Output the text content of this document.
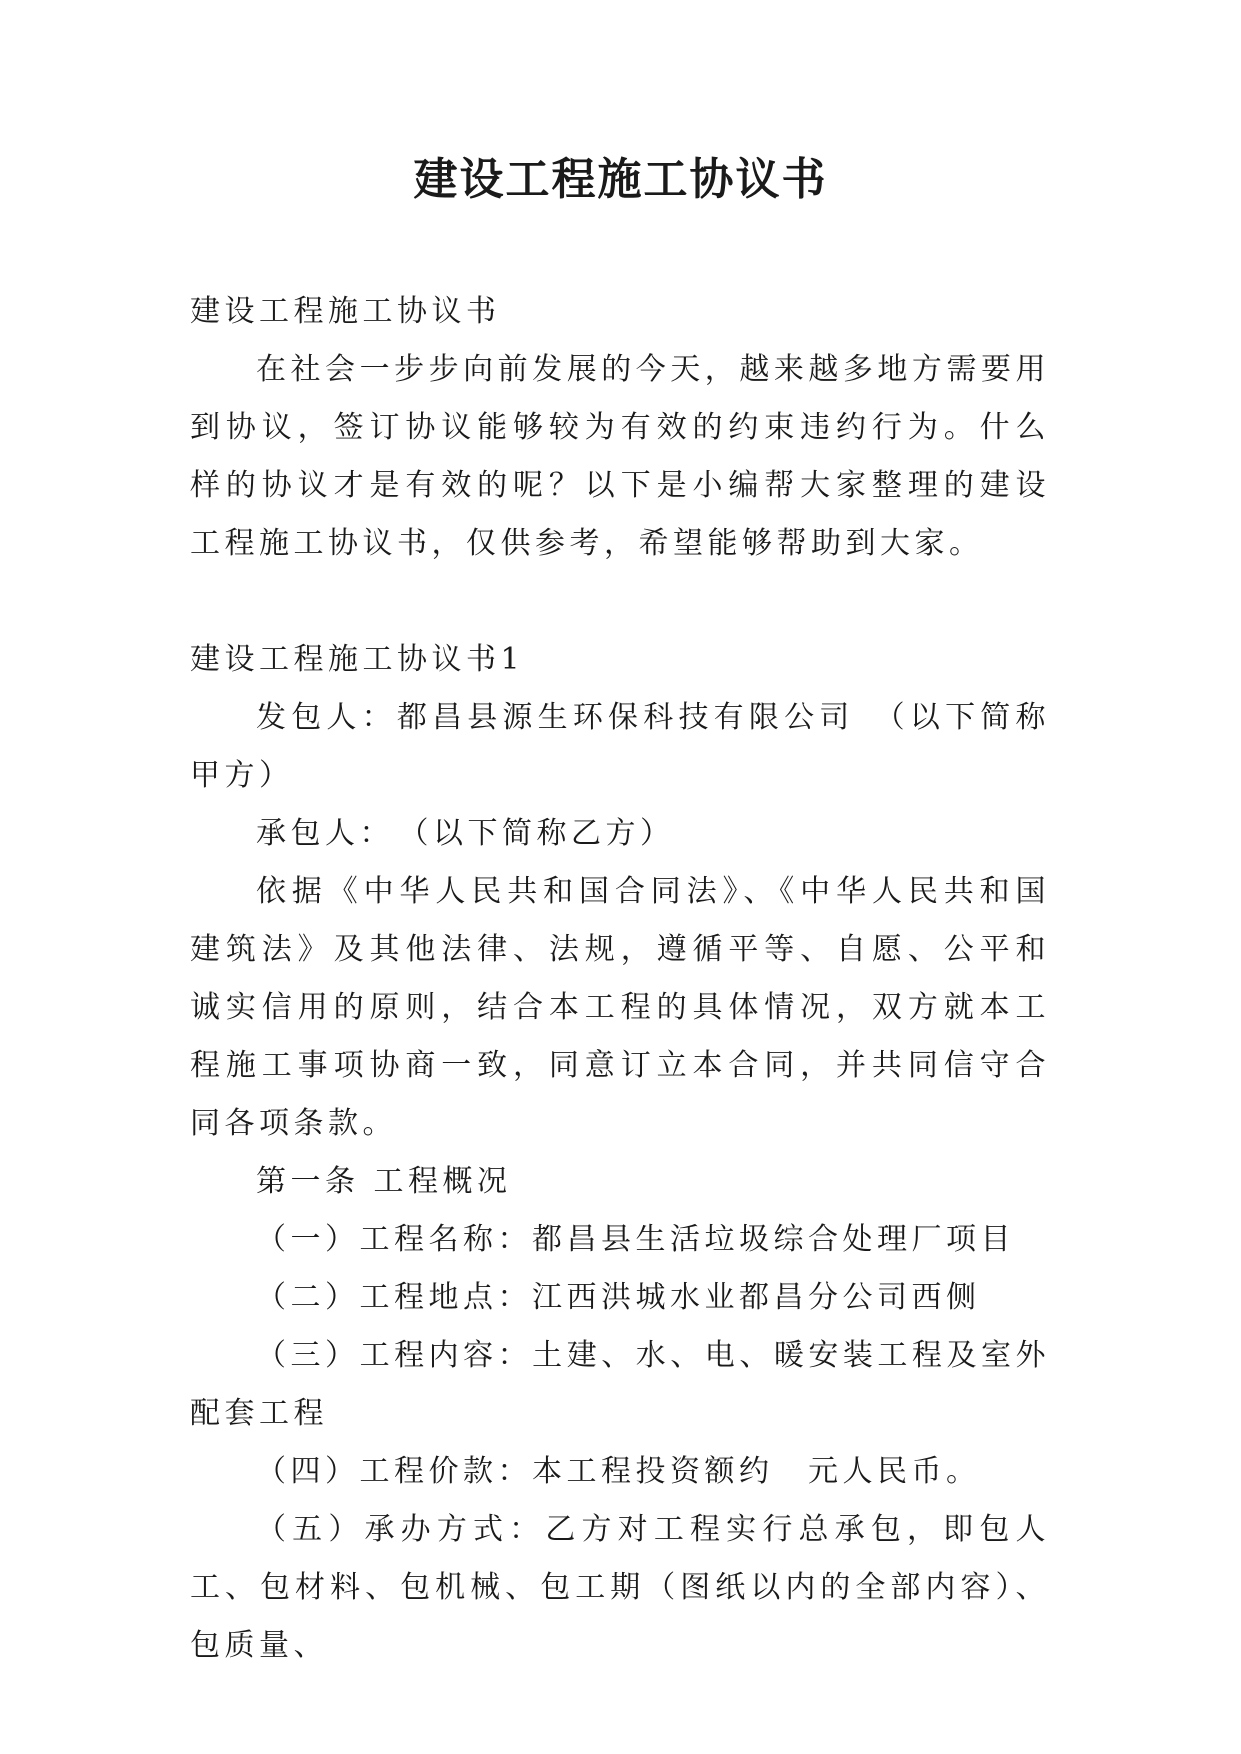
建设工程施工协议书

建设工程施工协议书

在社会一步步向前发展的今天，越来越多地方需要用到协议，签订协议能够较为有效的约束违约行为。什么样的协议才是有效的呢？以下是小编帮大家整理的建设工程施工协议书，仅供参考，希望能够帮助到大家。

建设工程施工协议书1

发包人：都昌县源生环保科技有限公司　（以下简称甲方）

承包人：　（以下简称乙方）

依据《中华人民共和国合同法》、《中华人民共和国建筑法》及其他法律、法规，遵循平等、自愿、公平和诚实信用的原则，结合本工程的具体情况，双方就本工程施工事项协商一致，同意订立本合同，并共同信守合同各项条款。

第一条 工程概况

（一）工程名称：都昌县生活垃圾综合处理厂项目

（二）工程地点：江西洪城水业都昌分公司西侧

（三）工程内容：土建、水、电、暖安装工程及室外配套工程

（四）工程价款：本工程投资额约　元人民币。

（五）承办方式：乙方对工程实行总承包，即包人工、包材料、包机械、包工期（图纸以内的全部内容）、包质量、
